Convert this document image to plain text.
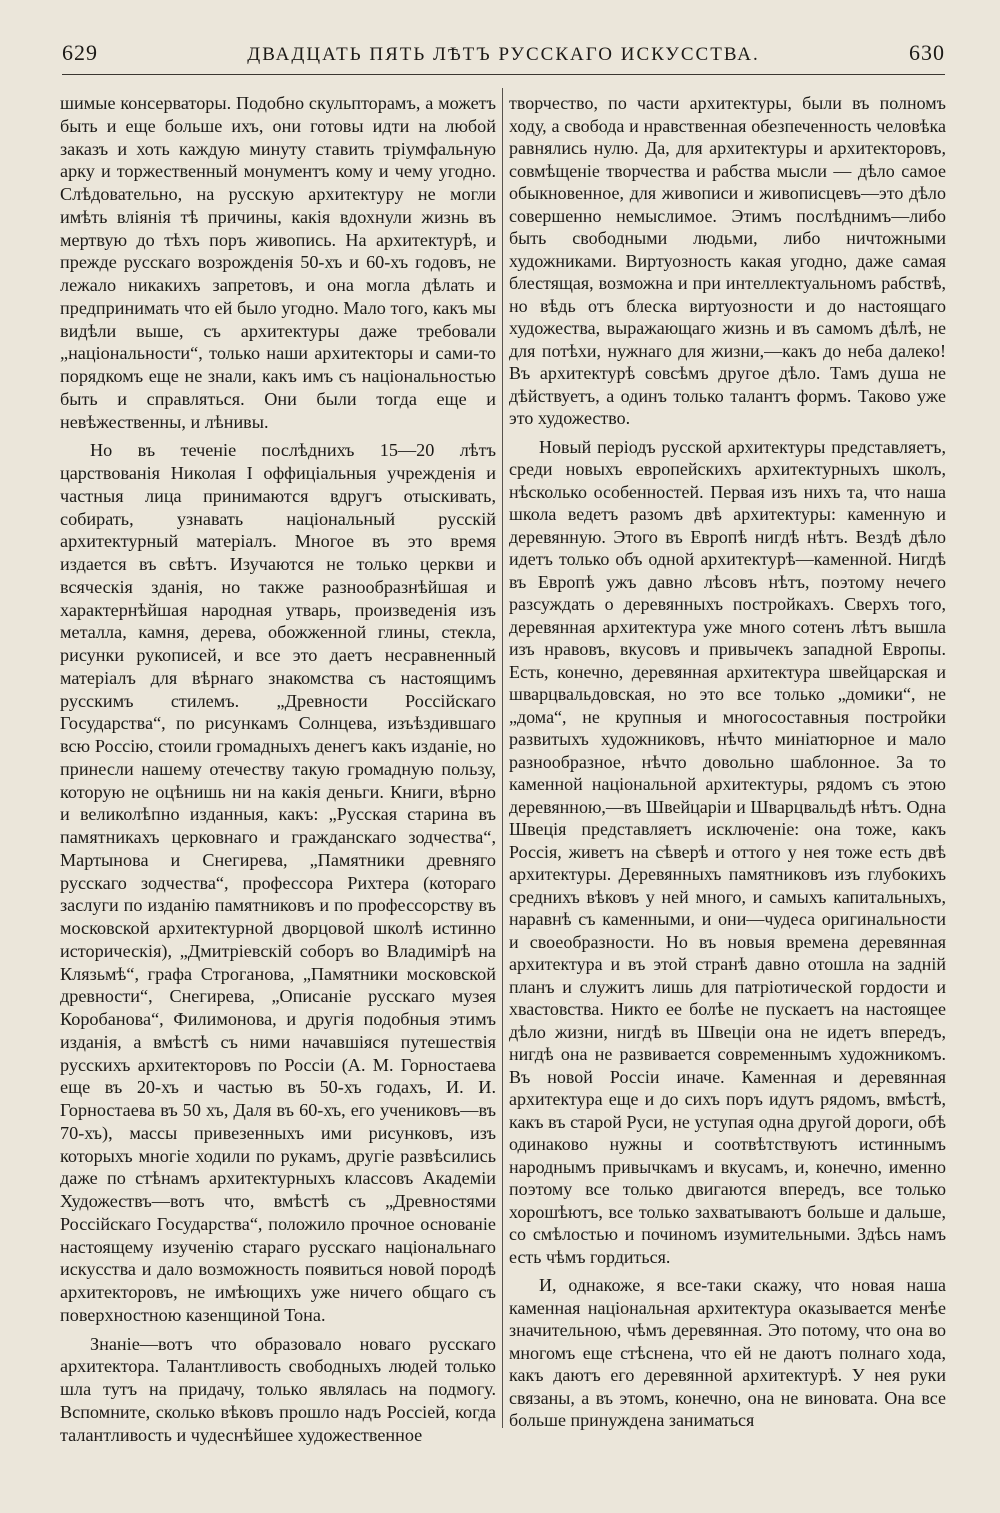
629	ДВАДЦАТЬ ПЯТЬ ЛѢТЪ РУССКАГО ИСКУССТВА.	630

шимые консерваторы. Подобно скульпторамъ, а можетъ быть и еще больше ихъ, они готовы идти на любой заказъ и хоть каждую минуту ставить тріумфальную арку и торжественный монументъ кому и чему угодно. Слѣдовательно, на русскую архитектуру не могли имѣть вліянія тѣ причины, какія вдохнули жизнь въ мертвую до тѣхъ поръ живопись. На архитектурѣ, и прежде русскаго возрожденія 50-хъ и 60-хъ годовъ, не лежало никакихъ запретовъ, и она могла дѣлать и предпринимать что ей было угодно. Мало того, какъ мы видѣли выше, съ архитектуры даже требовали „національности“, только наши архитекторы и сами-то порядкомъ еще не знали, какъ имъ съ національностью быть и справляться. Они были тогда еще и невѣжественны, и лѣнивы.

Но въ теченіе послѣднихъ 15—20 лѣтъ царствованія Николая I оффиціальныя учрежденія и частныя лица принимаются вдругъ отыскивать, собирать, узнавать національный русскій архитектурный матеріалъ. Многое въ это время издается въ свѣтъ. Изучаются не только церкви и всяческія зданія, но также разнообразнѣйшая и характернѣйшая народная утварь, произведенія изъ металла, камня, дерева, обожженной глины, стекла, рисунки рукописей, и все это даетъ несравненный матеріалъ для вѣрнаго знакомства съ настоящимъ русскимъ стилемъ. „Древности Россійскаго Государства“, по рисункамъ Солнцева, изъѣздившаго всю Россію, стоили громадныхъ денегъ какъ изданіе, но принесли нашему отечеству такую громадную пользу, которую не оцѣнишь ни на какія деньги. Книги, вѣрно и великолѣпно изданныя, какъ: „Русская старина въ памятникахъ церковнаго и гражданскаго зодчества“, Мартынова и Снегирева, „Памятники древняго русскаго зодчества“, профессора Рихтера (котораго заслуги по изданію памятниковъ и по профессорству въ московской архитектурной дворцовой школѣ истинно историческія), „Дмитріевскій соборъ во Владимірѣ на Клязьмѣ“, графа Строганова, „Памятники московской древности“, Снегирева, „Описаніе русскаго музея Коробанова“, Филимонова, и другія подобныя этимъ изданія, а вмѣстѣ съ ними начавшіяся путешествія русскихъ архитекторовъ по Россіи (А. М. Горностаева еще въ 20-хъ и частью въ 50-хъ годахъ, И. И. Горностаева въ 50 хъ, Даля въ 60-хъ, его учениковъ—въ 70-хъ), массы привезенныхъ ими рисунковъ, изъ которыхъ многіе ходили по рукамъ, другіе развѣсились даже по стѣнамъ архитектурныхъ классовъ Академіи Художествъ—вотъ что, вмѣстѣ съ „Древностями Россійскаго Государства“, положило прочное основаніе настоящему изученію стараго русскаго національнаго искусства и дало возможность появиться новой породѣ архитекторовъ, не имѣющихъ уже ничего общаго съ поверхностною казенщиной Тона.

Знаніе—вотъ что образовало новаго русскаго архитектора. Талантливость свободныхъ людей только шла тутъ на придачу, только являлась на подмогу. Вспомните, сколько вѣковъ прошло надъ Россіей, когда талантливость и чудеснѣйшее художественное

творчество, по части архитектуры, были въ полномъ ходу, а свобода и нравственная обезпеченность человѣка равнялись нулю. Да, для архитектуры и архитекторовъ, совмѣщеніе творчества и рабства мысли — дѣло самое обыкновенное, для живописи и живописцевъ—это дѣло совершенно немыслимое. Этимъ послѣднимъ—либо быть свободными людьми, либо ничтожными художниками. Виртуозность какая угодно, даже самая блестящая, возможна и при интеллектуальномъ рабствѣ, но вѣдь отъ блеска виртуозности и до настоящаго художества, выражающаго жизнь и въ самомъ дѣлѣ, не для потѣхи, нужнаго для жизни,—какъ до неба далеко! Въ архитектурѣ совсѣмъ другое дѣло. Тамъ душа не дѣйствуетъ, а одинъ только талантъ формъ. Таково уже это художество.

Новый періодъ русской архитектуры представляетъ, среди новыхъ европейскихъ архитектурныхъ школъ, нѣсколько особенностей. Первая изъ нихъ та, что наша школа ведетъ разомъ двѣ архитектуры: каменную и деревянную. Этого въ Европѣ нигдѣ нѣтъ. Вездѣ дѣло идетъ только объ одной архитектурѣ—каменной. Нигдѣ въ Европѣ ужъ давно лѣсовъ нѣтъ, поэтому нечего разсуждать о деревянныхъ постройкахъ. Сверхъ того, деревянная архитектура уже много сотенъ лѣтъ вышла изъ нравовъ, вкусовъ и привычекъ западной Европы. Есть, конечно, деревянная архитектура швейцарская и шварцвальдовская, но это все только „домики“, не „дома“, не крупныя и многосоставныя постройки развитыхъ художниковъ, нѣчто миніатюрное и мало разнообразное, нѣчто довольно шаблонное. За то каменной національной архитектуры, рядомъ съ этою деревянною,—въ Швейцаріи и Шварцвальдѣ нѣтъ. Одна Швеція представляетъ исключеніе: она тоже, какъ Россія, живетъ на сѣверѣ и оттого у нея тоже есть двѣ архитектуры. Деревянныхъ памятниковъ изъ глубокихъ среднихъ вѣковъ у ней много, и самыхъ капитальныхъ, наравнѣ съ каменными, и они—чудеса оригинальности и своеобразности. Но въ новыя времена деревянная архитектура и въ этой странѣ давно отошла на задній планъ и служитъ лишь для патріотической гордости и хвастовства. Никто ее болѣе не пускаетъ на настоящее дѣло жизни, нигдѣ въ Швеціи она не идетъ впередъ, нигдѣ она не развивается современнымъ художникомъ. Въ новой Россіи иначе. Каменная и деревянная архитектура еще и до сихъ поръ идутъ рядомъ, вмѣстѣ, какъ въ старой Руси, не уступая одна другой дороги, обѣ одинаково нужны и соотвѣтствуютъ истиннымъ народнымъ привычкамъ и вкусамъ, и, конечно, именно поэтому все только двигаются впередъ, все только хорошѣютъ, все только захватываютъ больше и дальше, со смѣлостью и починомъ изумительными. Здѣсь намъ есть чѣмъ гордиться.

И, однакоже, я все-таки скажу, что новая наша каменная національная архитектура оказывается менѣе значительною, чѣмъ деревянная. Это потому, что она во многомъ еще стѣснена, что ей не даютъ полнаго хода, какъ даютъ его деревянной архитектурѣ. У нея руки связаны, а въ этомъ, конечно, она не виновата. Она все больше принуждена заниматься
